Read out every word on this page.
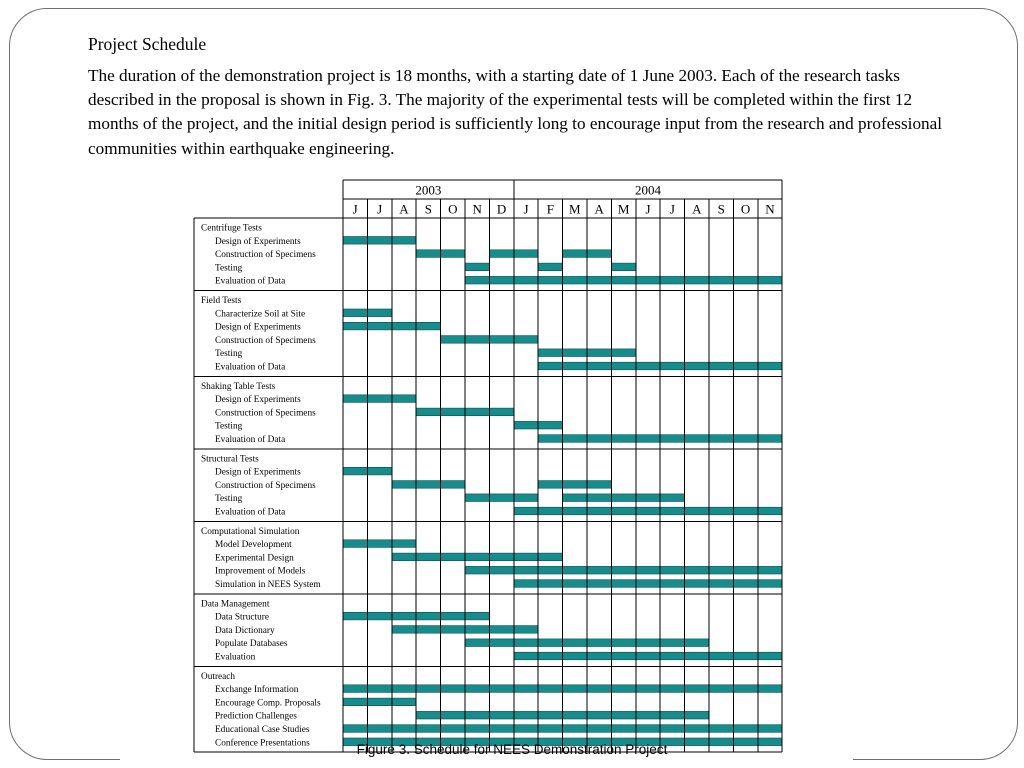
Project Schedule

The duration of the demonstration project is 18 months, with a starting date of 1 June 2003. Each of the research tasks described in the proposal is shown in Fig. 3. The majority of the experimental tests will be completed within the first 12 months of the project, and the initial design period is sufficiently long to encourage input from the research and professional communities within earthquake engineering.

2003	2004
J J A S O N D J F M A M J J A S O N
Centrifuge Tests
Design of Experiments
Construction of Specimens
Testing
Evaluation of Data
Field Tests
Characterize Soil at Site
Design of Experiments
Construction of Specimens
Testing
Evaluation of Data
Shaking Table Tests
Design of Experiments
Construction of Specimens
Testing
Evaluation of Data
Structural Tests
Design of Experiments
Construction of Specimens
Testing
Evaluation of Data
Computational Simulation
Model Development
Experimental Design
Improvement of Models
Simulation in NEES System
Data Management
Data Structure
Data Dictionary
Populate Databases
Evaluation
Outreach
Exchange Information
Encourage Comp. Proposals
Prediction Challenges
Educational Case Studies
Conference Presentations	Figure 3. Schedule for NEES Demonstration Project
